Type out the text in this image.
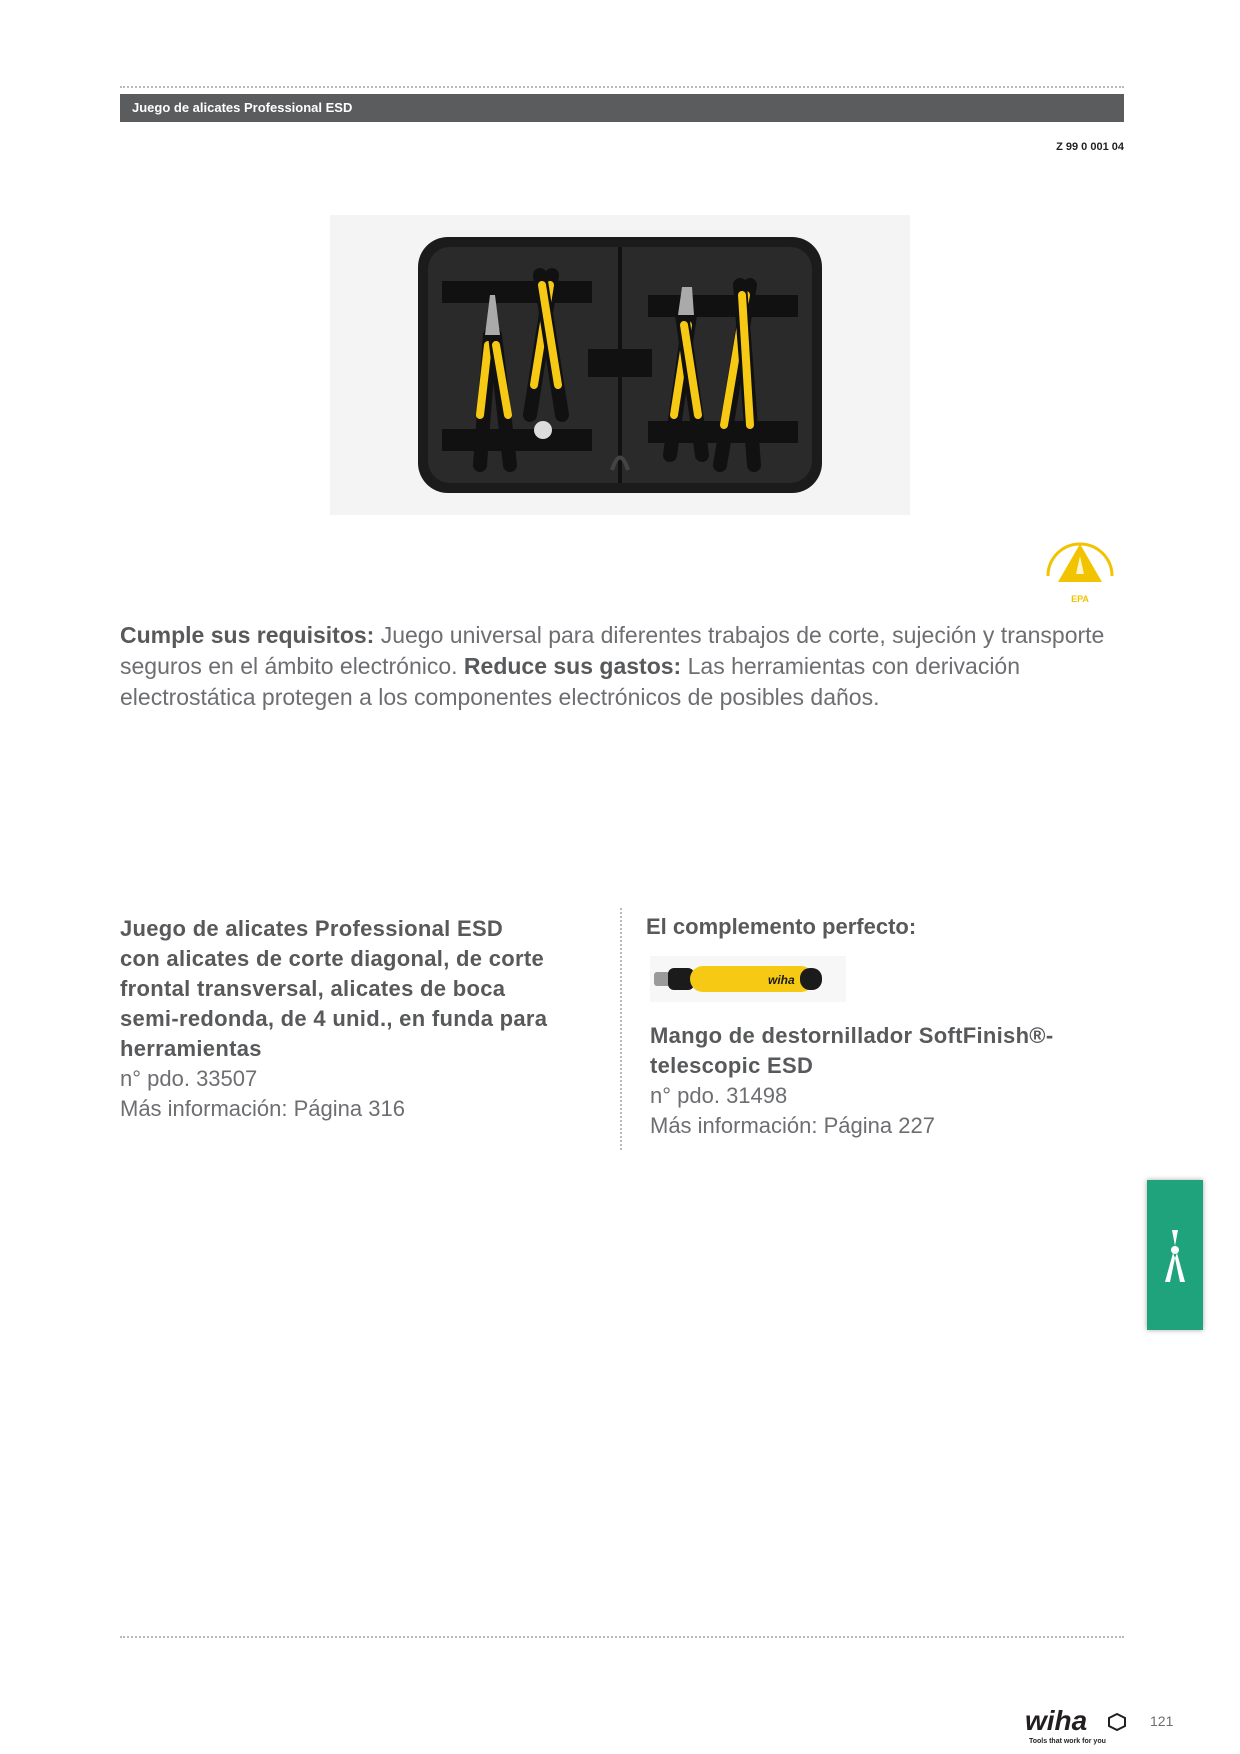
Juego de alicates Professional ESD
Z 99 0 001 04
EPA
Cumple sus requisitos: Juego universal para diferentes trabajos de corte, sujeción y transporte seguros en el ámbito electrónico. Reduce sus gastos: Las herramientas con derivación electrostática protegen a los componentes electrónicos de posibles daños.
Juego de alicates Professional ESD
con alicates de corte diagonal, de corte
frontal transversal, alicates de boca
semi-redonda, de 4 unid., en funda para
herramientas
n° pdo. 33507
Más información: Página 316
El complemento perfecto:
wiha
Mango de destornillador SoftFinish®-
telescopic ESD
n° pdo. 31498
Más información: Página 227
wiha
Tools that work for you
121
